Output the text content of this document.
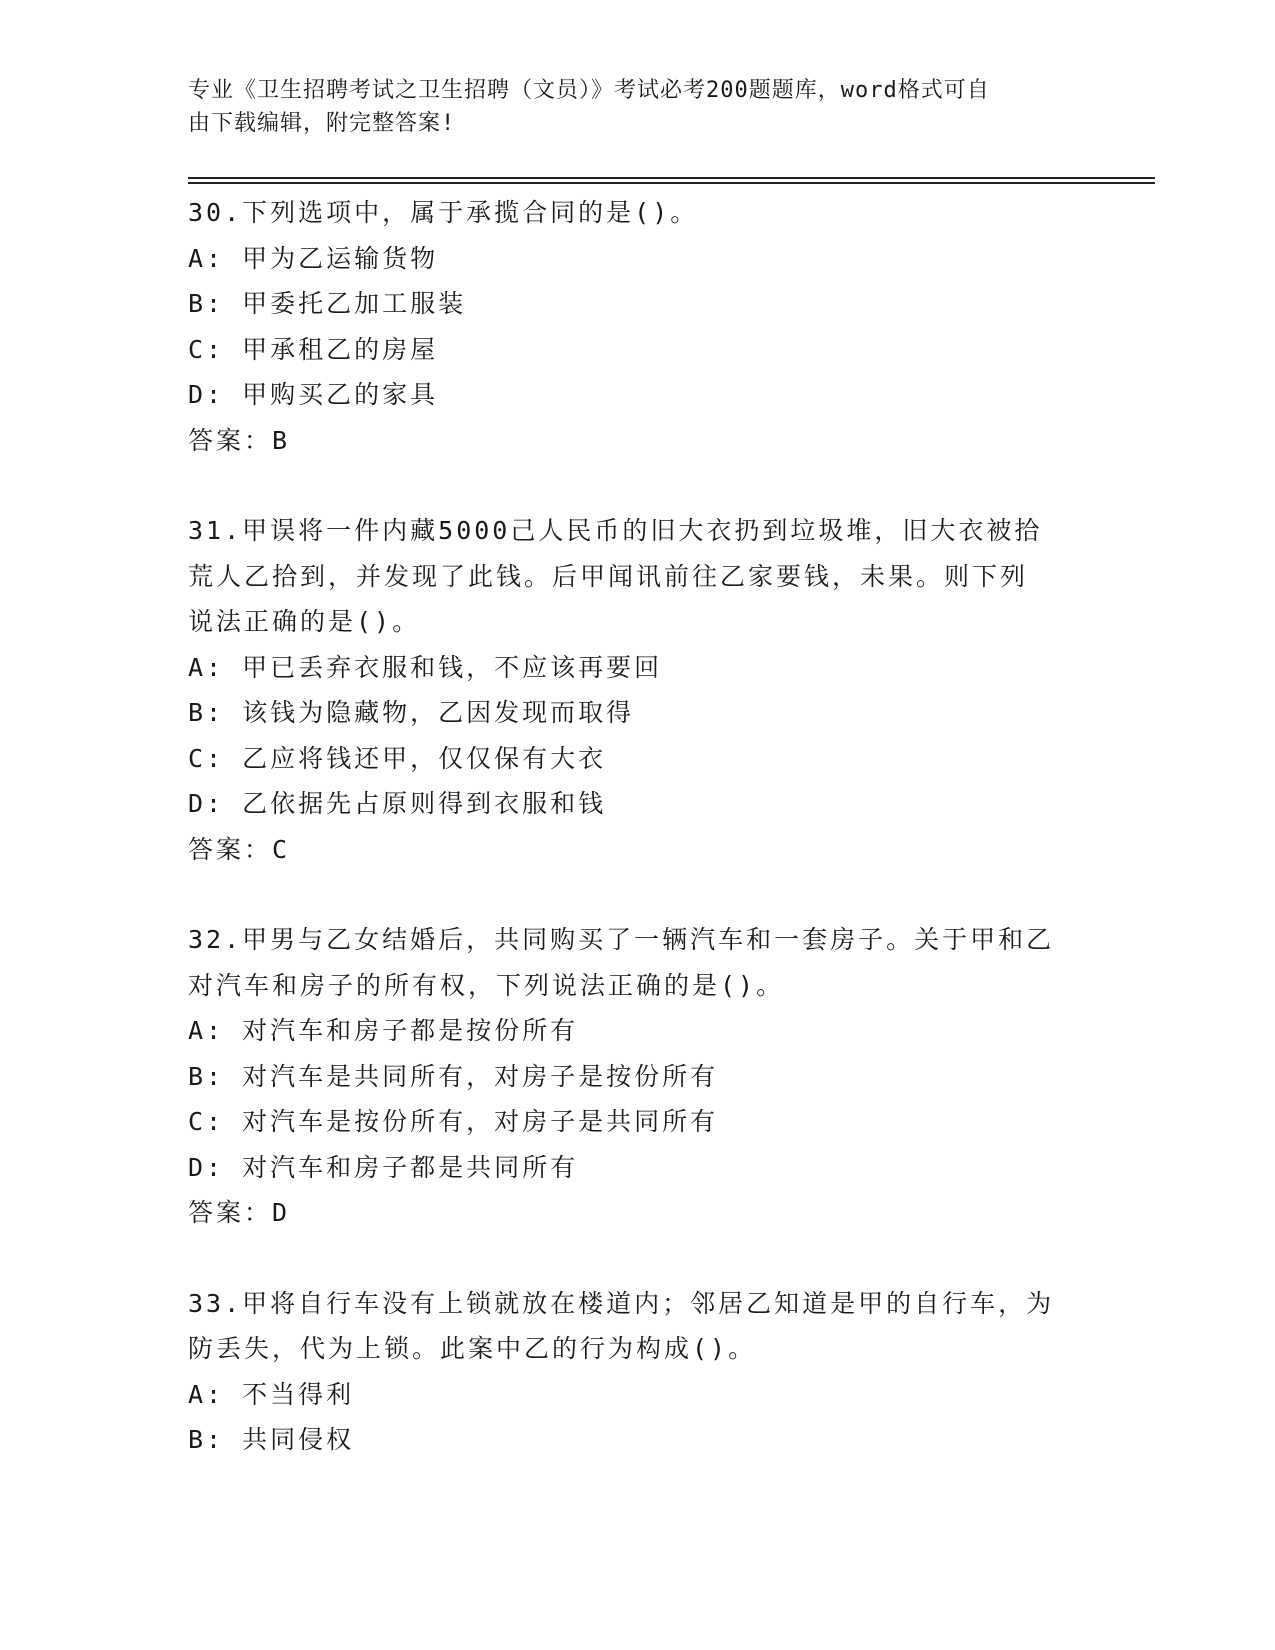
专业《卫生招聘考试之卫生招聘（文员）》考试必考200题题库，word格式可自
由下载编辑，附完整答案!
30.下列选项中，属于承揽合同的是()。
A: 甲为乙运输货物
B: 甲委托乙加工服装
C: 甲承租乙的房屋
D: 甲购买乙的家具
答案：B
31.甲误将一件内藏5000己人民币的旧大衣扔到垃圾堆，旧大衣被拾
荒人乙拾到，并发现了此钱。后甲闻讯前往乙家要钱，未果。则下列
说法正确的是()。
A: 甲已丢弃衣服和钱，不应该再要回
B: 该钱为隐藏物，乙因发现而取得
C: 乙应将钱还甲，仅仅保有大衣
D: 乙依据先占原则得到衣服和钱
答案：C
32.甲男与乙女结婚后，共同购买了一辆汽车和一套房子。关于甲和乙
对汽车和房子的所有权，下列说法正确的是()。
A: 对汽车和房子都是按份所有
B: 对汽车是共同所有，对房子是按份所有
C: 对汽车是按份所有，对房子是共同所有
D: 对汽车和房子都是共同所有
答案：D
33.甲将自行车没有上锁就放在楼道内；邻居乙知道是甲的自行车，为
防丢失，代为上锁。此案中乙的行为构成()。
A: 不当得利
B: 共同侵权
